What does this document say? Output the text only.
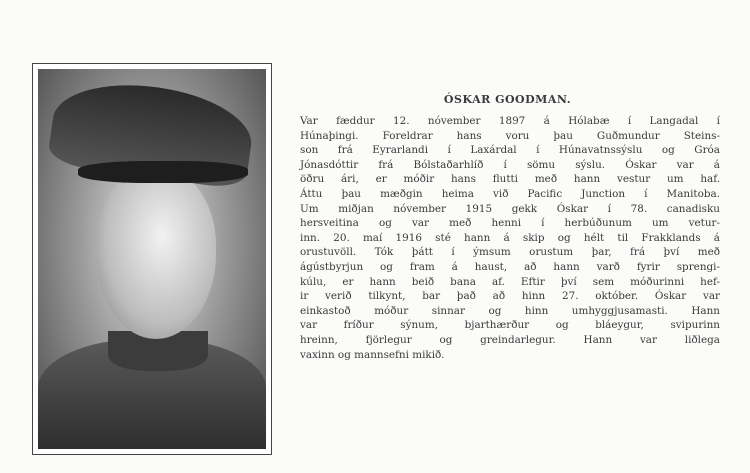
ÓSKAR GOODMAN.
Var fæddur 12. nóvember 1897 á Hólabæ í Langadal í
Húnaþingi. Foreldrar hans voru þau Guðmundur Steins-
son frá Eyrarlandi í Laxárdal í Húnavatnssýslu og Gróa
Jónasdóttir frá Bólstaðarhlíð í sömu sýslu. Óskar var á
öðru ári, er móðir hans flutti með hann vestur um haf.
Áttu þau mæðgin heima við Pacific Junction í Manitoba.
Um miðjan nóvember 1915 gekk Óskar í 78. canadisku
hersveitina og var með henni í herbúðunum um vetur-
inn. 20. maí 1916 sté hann á skip og hélt til Frakklands á
orustuvöll. Tók þátt í ýmsum orustum þar, frá því með
ágústbyrjun og fram á haust, að hann varð fyrir sprengi-
kúlu, er hann beið bana af. Eftir því sem móðurinni hef-
ir verið tilkynt, bar það að hinn 27. október. Óskar var
einkastoð móður sinnar og hinn umhyggjusamasti. Hann
var fríður sýnum, bjarthærður og bláeygur, svipurinn
hreinn, fjörlegur og greindarlegur. Hann var liðlega
vaxinn og mannsefni mikið.
